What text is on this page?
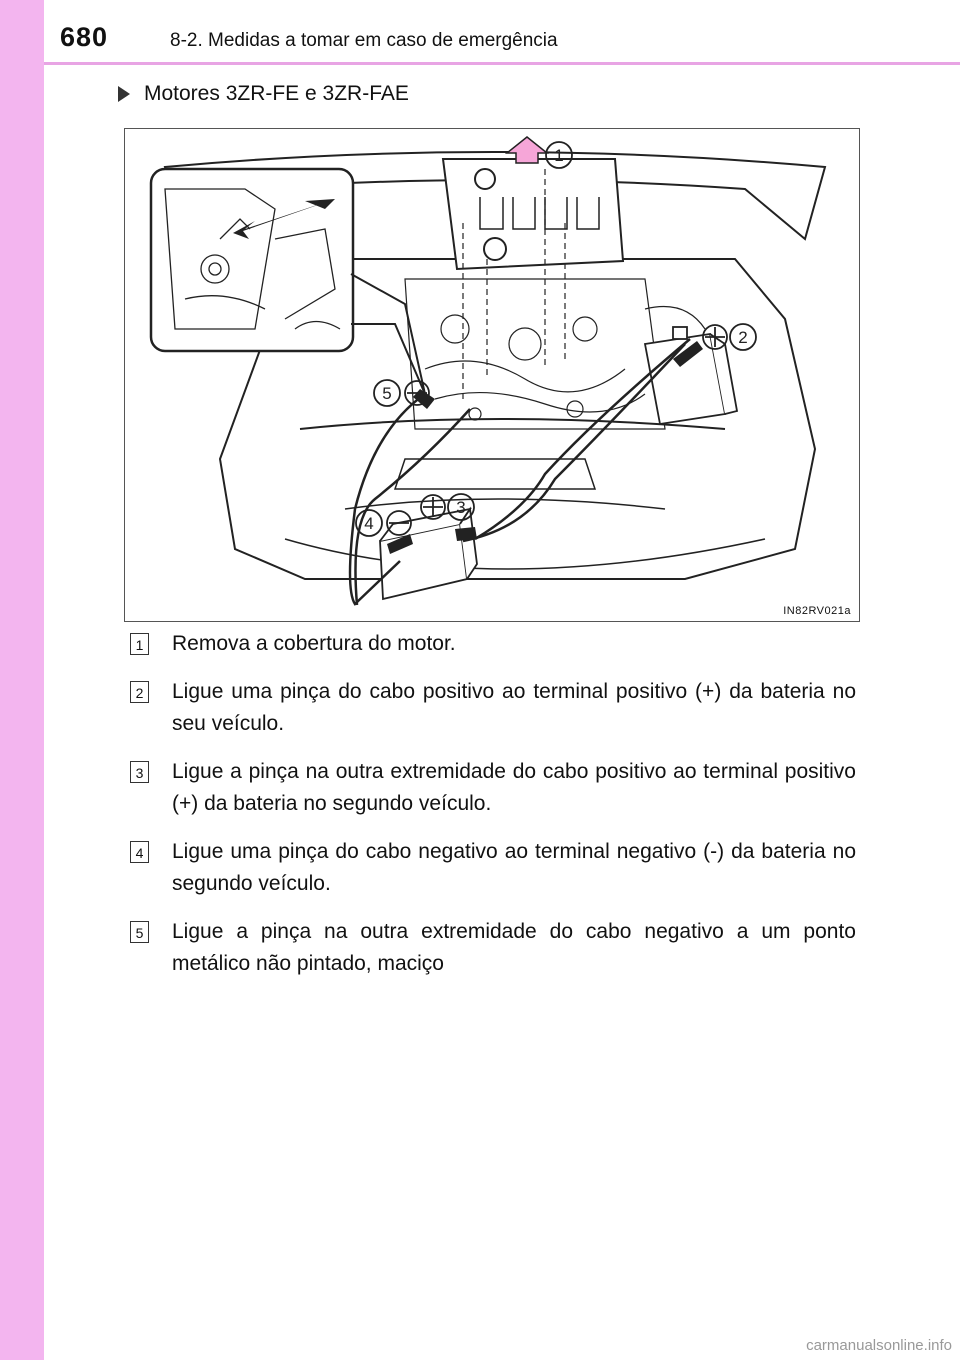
680	8-2. Medidas a tomar em caso de emergência
Motores 3ZR-FE e 3ZR-FAE
1
2
3
4
5
IN82RV021a
1 Remova a cobertura do motor.
2 Ligue uma pinça do cabo positivo ao terminal positivo (+) da bateria no seu veículo.
3 Ligue a pinça na outra extremidade do cabo positivo ao terminal positivo (+) da bateria no segundo veículo.
4 Ligue uma pinça do cabo negativo ao terminal negativo (-) da bateria no segundo veículo.
5 Ligue a pinça na outra extremidade do cabo negativo a um ponto metálico não pintado, maciço
carmanualsonline.info
